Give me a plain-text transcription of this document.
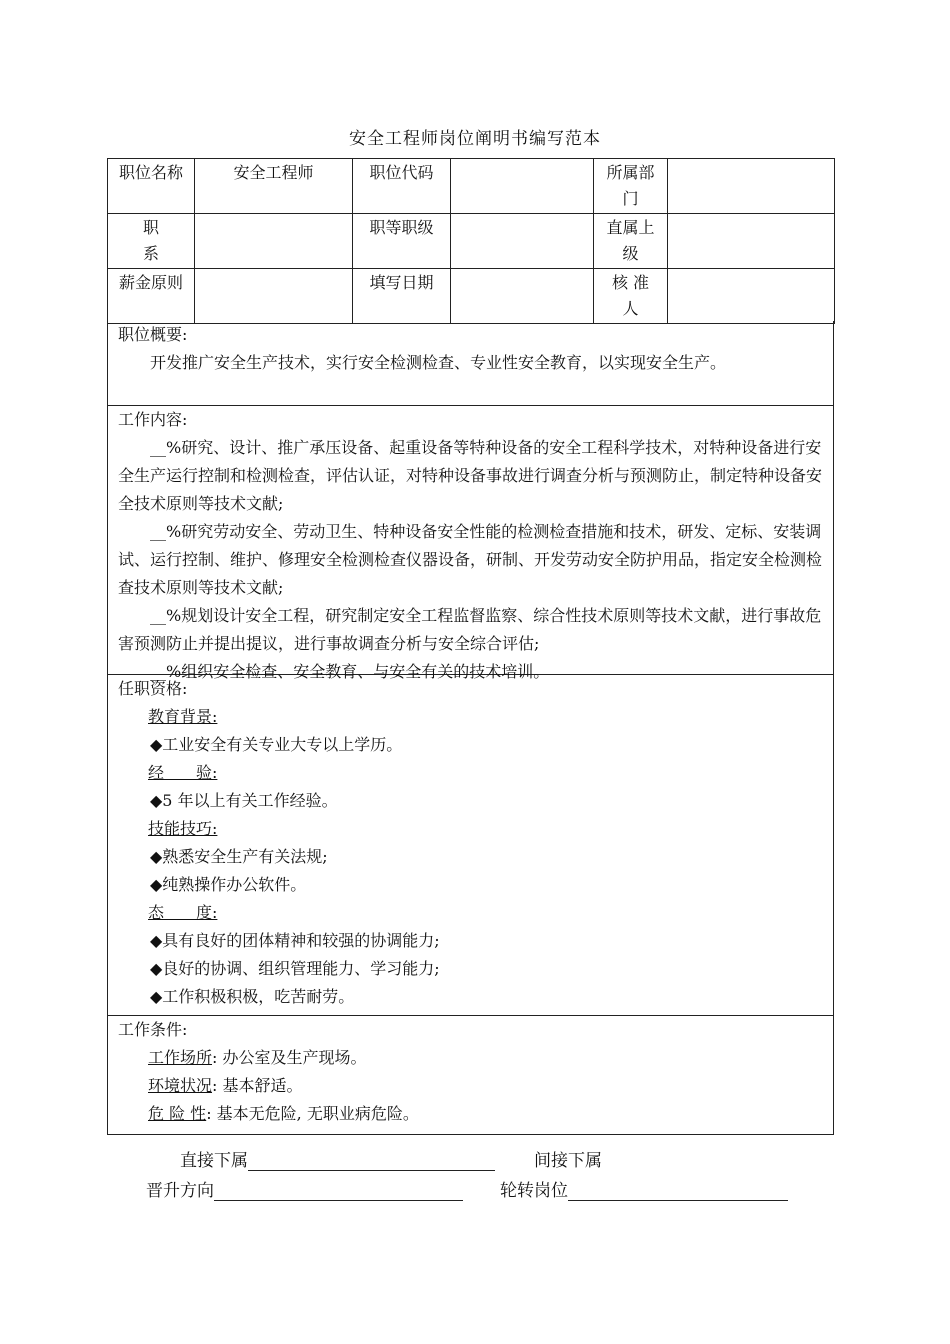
安全工程师岗位阐明书编写范本
职位名称	安全工程师	职位代码		所属部门	
职 系		职等职级		直属上级	
薪金原则		填写日期		核 准 人	
职位概要:
开发推广安全生产技术，实行安全检测检查、专业性安全教育，以实现安全生产。
工作内容:
__%研究、设计、推广承压设备、起重设备等特种设备的安全工程科学技术，对特种设备进行安全生产运行控制和检测检查，评估认证，对特种设备事故进行调查分析与预测防止，制定特种设备安全技术原则等技术文献;
__%研究劳动安全、劳动卫生、特种设备安全性能的检测检查措施和技术，研发、定标、安装调试、运行控制、维护、修理安全检测检查仪器设备，研制、开发劳动安全防护用品，指定安全检测检查技术原则等技术文献;
__%规划设计安全工程，研究制定安全工程监督监察、综合性技术原则等技术文献，进行事故危害预测防止并提出提议，进行事故调查分析与安全综合评估;
__%组织安全检查、安全教育、与安全有关的技术培训。
任职资格:
教育背景:
◆工业安全有关专业大专以上学历。
经　　验:
◆5 年以上有关工作经验。
技能技巧:
◆熟悉安全生产有关法规;
◆纯熟操作办公软件。
态　　度:
◆具有良好的团体精神和较强的协调能力;
◆良好的协调、组织管理能力、学习能力;
◆工作积极积极，吃苦耐劳。
工作条件:
工作场所: 办公室及生产现场。
环境状况: 基本舒适。
危 险 性: 基本无危险, 无职业病危险。
直接下属	间接下属
晋升方向	轮转岗位
